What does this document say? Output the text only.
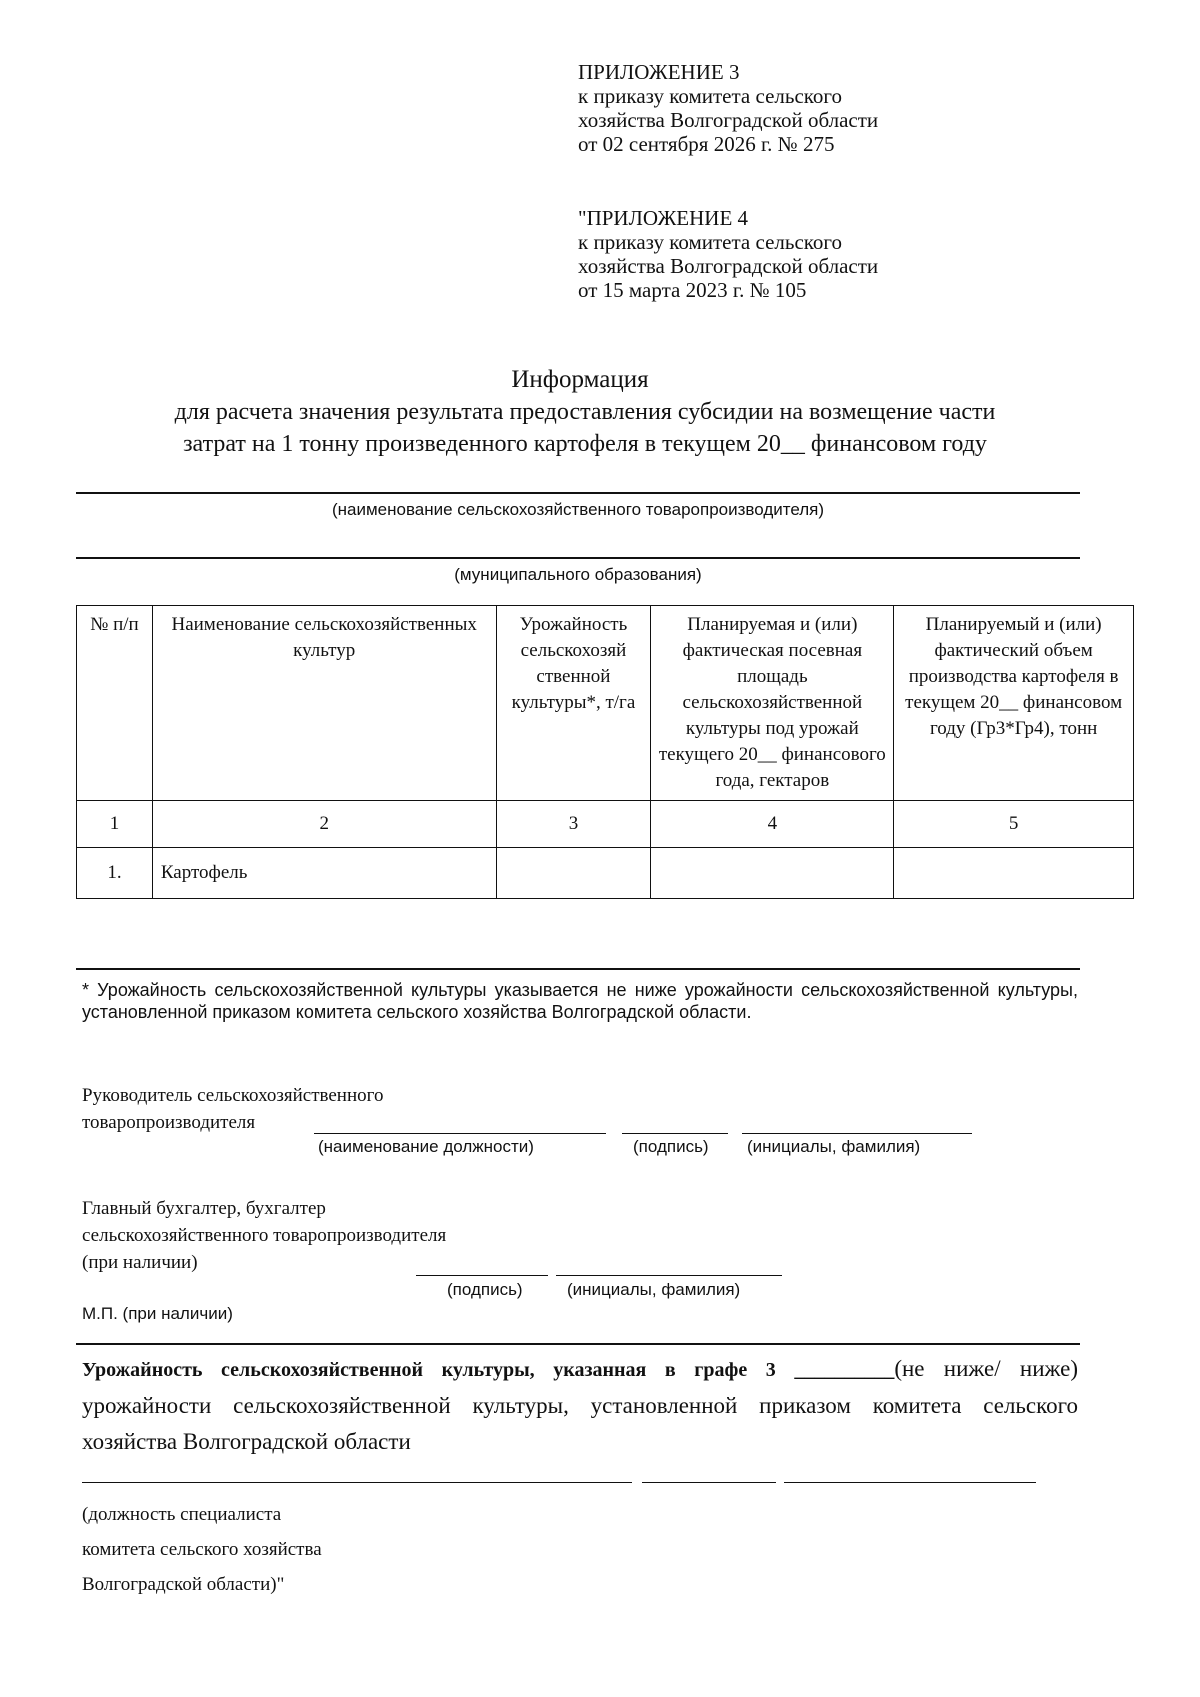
ПРИЛОЖЕНИЕ 3
к приказу комитета сельского
хозяйства Волгоградской области
от 02 сентября 2026 г. № 275
"ПРИЛОЖЕНИЕ 4
к приказу комитета сельского
хозяйства Волгоградской области
от 15 марта 2023 г. № 105
Информация
для расчета значения результата предоставления субсидии на возмещение части
затрат на 1 тонну произведенного картофеля в текущем 20__ финансовом году
(наименование сельскохозяйственного товаропроизводителя)
(муниципального образования)
№ п/п	Наименование сельскохозяйственных культур	Урожайность сельскохозяй ственной культуры*, т/га	Планируемая и (или) фактическая посевная площадь сельскохозяйственной культуры под урожай текущего 20__ финансового года, гектаров	Планируемый и (или) фактический объем производства картофеля в текущем 20__ финансовом году (Гр3*Гр4), тонн
1	2	3	4	5
1.	Картофель			
* Урожайность сельскохозяйственной культуры указывается не ниже урожайности сельскохозяйственной культуры, установленной приказом комитета сельского хозяйства Волгоградской области.
Руководитель сельскохозяйственного
товаропроизводителя
(наименование должности)	(подпись) (инициалы, фамилия)
Главный бухгалтер, бухгалтер
сельскохозяйственного товаропроизводителя
(при наличии)
(подпись)	(инициалы, фамилия)
М.П. (при наличии)
Урожайность сельскохозяйственной культуры, указанная в графе 3 __________(не ниже/ ниже) урожайности сельскохозяйственной культуры, установленной приказом комитета сельского хозяйства Волгоградской области
(должность специалиста
комитета сельского хозяйства
Волгоградской области)"
